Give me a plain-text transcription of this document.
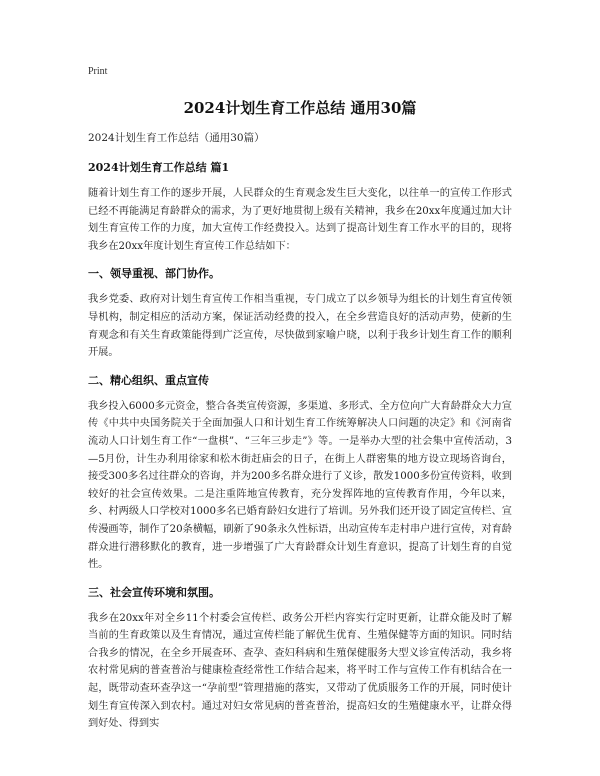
Print
2024计划生育工作总结 通用30篇

2024计划生育工作总结（通用30篇）

2024计划生育工作总结 篇1

随着计划生育工作的逐步开展，人民群众的生育观念发生巨大变化，以往单一的宣传工作形式已经不再能满足育龄群众的需求，为了更好地贯彻上级有关精神，我乡在20xx年度通过加大计划生育宣传工作的力度，加大宣传工作经费投入。达到了提高计划生育工作水平的目的，现将我乡在20xx年度计划生育宣传工作总结如下：

一、领导重视、部门协作。

我乡党委、政府对计划生育宣传工作相当重视，专门成立了以乡领导为组长的计划生育宣传领导机构，制定相应的活动方案，保证活动经费的投入，在全乡营造良好的活动声势，使新的生育观念和有关生育政策能得到广泛宣传，尽快做到家喻户晓，以利于我乡计划生育工作的顺利开展。

二、精心组织、重点宣传

我乡投入6000多元资金，整合各类宣传资源，多渠道、多形式、全方位向广大育龄群众大力宣传《中共中央国务院关于全面加强人口和计划生育工作统筹解决人口问题的决定》和《河南省流动人口计划生育工作“一盘棋”、“三年三步走”》等。一是举办大型的社会集中宣传活动，3—5月份，计生办利用徐家和松木街赶庙会的日子，在街上人群密集的地方设立现场咨询台，接受300多名过往群众的咨询，并为200多名群众进行了义诊，散发1000多份宣传资料，收到较好的社会宣传效果。二是注重阵地宣传教育，充分发挥阵地的宣传教育作用，今年以来，乡、村两级人口学校对1000多名已婚育龄妇女进行了培训。另外我们还开设了固定宣传栏、宣传漫画等，制作了20条横幅，刷新了90条永久性标语，出动宣传车走村串户进行宣传，对育龄群众进行潜移默化的教育，进一步增强了广大育龄群众计划生育意识，提高了计划生育的自觉性。

三、社会宣传环境和氛围。

我乡在20xx年对全乡11个村委会宣传栏、政务公开栏内容实行定时更新，让群众能及时了解当前的生育政策以及生育情况，通过宣传栏能了解优生优育、生殖保健等方面的知识。同时结合我乡的情况，在全乡开展查环、查孕、查妇科病和生殖保健服务大型义诊宣传活动，我乡将农村常见病的普查普治与健康检查经常性工作结合起来，将平时工作与宣传工作有机结合在一起，既带动查环查孕这一“孕前型”管理措施的落实，又带动了优质服务工作的开展，同时使计划生育宣传深入到农村。通过对妇女常见病的普查普治，提高妇女的生殖健康水平，让群众得到好处、得到实
